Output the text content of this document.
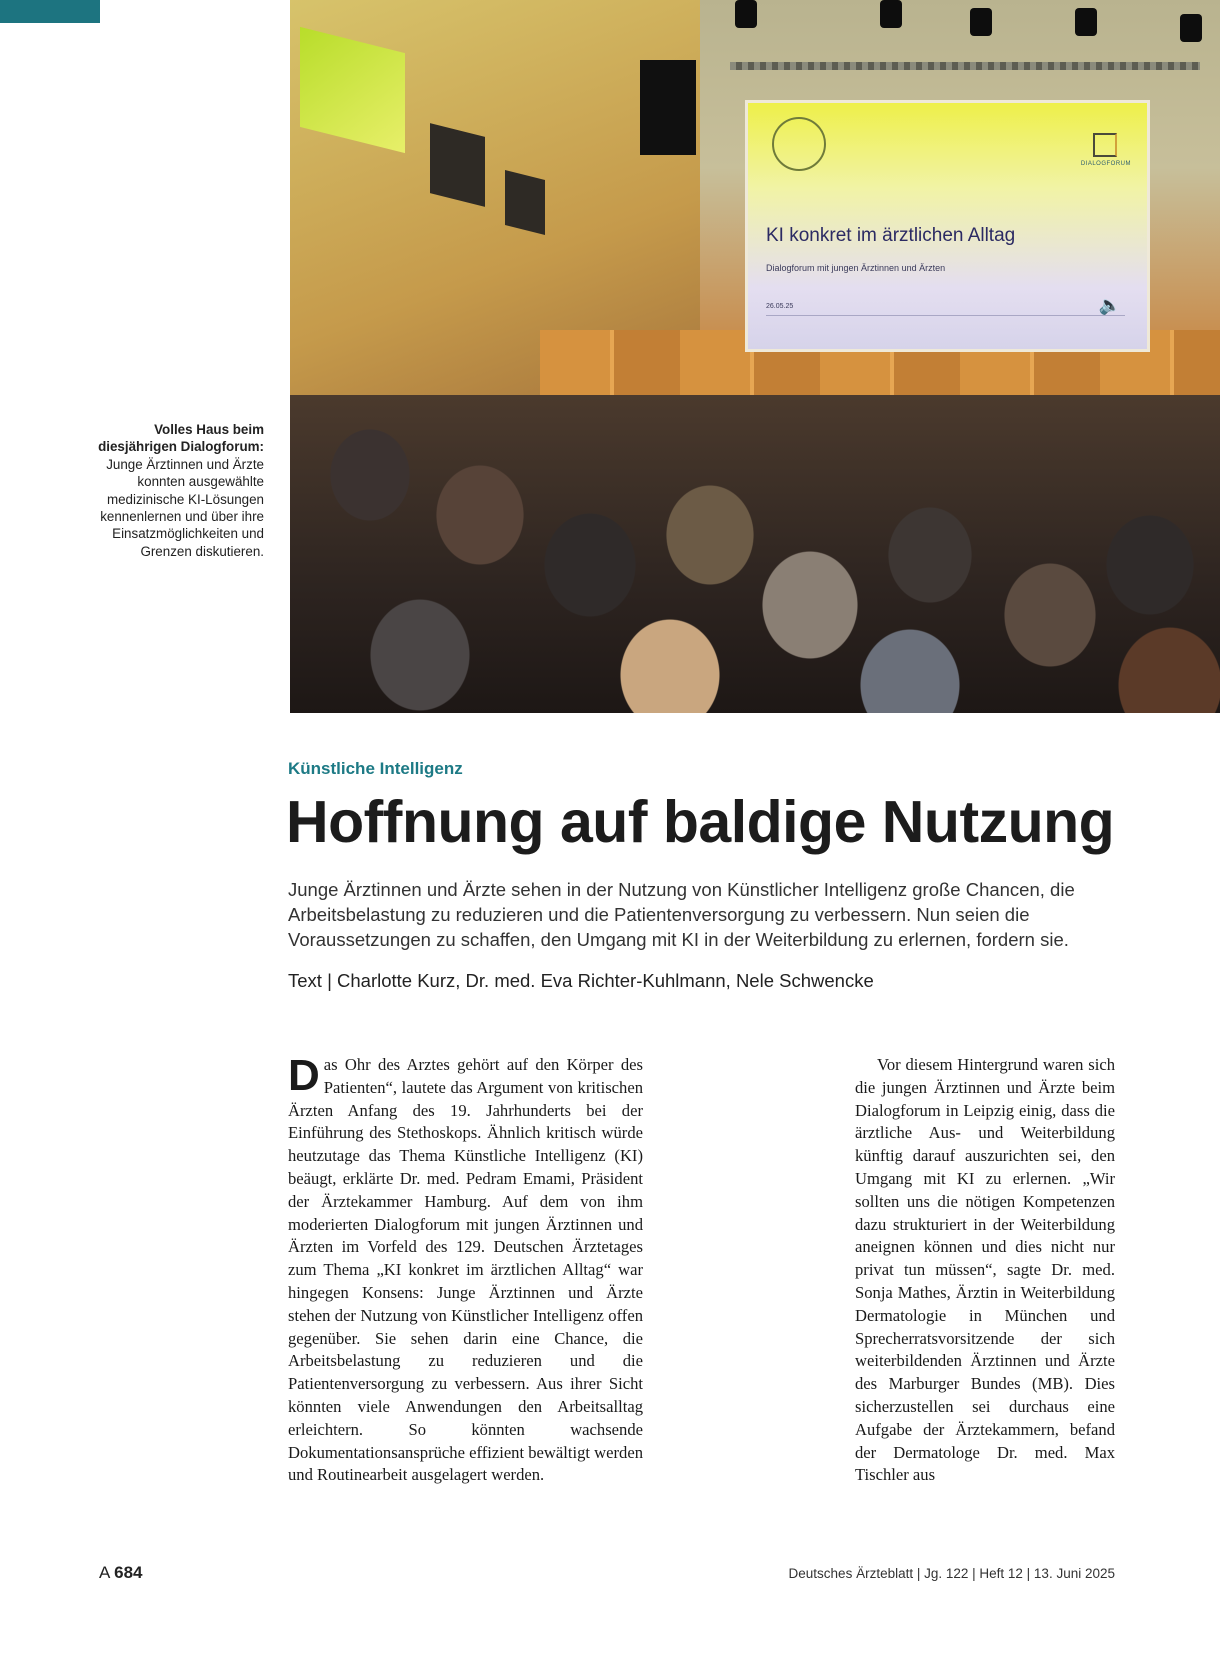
DIALOGFORUM
KI konkret im ärztlichen Alltag
Dialogforum mit jungen Ärztinnen und Ärzten
26.05.25	🔈
Volles Haus beim diesjährigen Dialogforum: Junge Ärztinnen und Ärzte konnten ausgewählte medizinische KI-Lösungen kennenlernen und über ihre Einsatzmöglichkeiten und Grenzen diskutieren.
Künstliche Intelligenz
Hoffnung auf baldige Nutzung

Junge Ärztinnen und Ärzte sehen in der Nutzung von Künstlicher Intelligenz große Chancen, die Arbeitsbelastung zu reduzieren und die Patientenversorgung zu verbessern. Nun seien die Voraussetzungen zu schaffen, den Umgang mit KI in der Weiterbildung zu erlernen, fordern sie.

Text | Charlotte Kurz, Dr. med. Eva Richter-Kuhlmann, Nele Schwencke
Das Ohr des Arztes gehört auf den Körper des Patienten“, lautete das Argument von kritischen Ärzten Anfang des 19. Jahrhunderts bei der Einführung des Stethoskops. Ähnlich kritisch würde heutzutage das Thema Künstliche Intelligenz (KI) beäugt, erklärte Dr. med. Pedram Emami, Präsident der Ärztekammer Hamburg. Auf dem von ihm moderierten Dialogforum mit jungen Ärztinnen und Ärzten im Vorfeld des 129. Deutschen Ärztetages zum Thema „KI konkret im ärztlichen Alltag“ war hingegen Konsens: Junge Ärztinnen und Ärzte stehen der Nutzung von Künstlicher Intelligenz offen gegenüber. Sie sehen darin eine Chance, die Arbeitsbelastung zu reduzieren und die Patientenversorgung zu verbessern. Aus ihrer Sicht könnten viele Anwendungen den Arbeitsalltag erleichtern. So könnten wachsende Dokumentationsansprüche effizient bewältigt werden und Routinearbeit ausgelagert werden.
Vor diesem Hintergrund waren sich die jungen Ärztinnen und Ärzte beim Dialogforum in Leipzig einig, dass die ärztliche Aus- und Weiterbildung künftig darauf auszurichten sei, den Umgang mit KI zu erlernen. „Wir sollten uns die nötigen Kompetenzen dazu strukturiert in der Weiterbildung aneignen können und dies nicht nur privat tun müssen“, sagte Dr. med. Sonja Mathes, Ärztin in Weiterbildung Dermatologie in München und Sprecherratsvorsitzende der sich weiterbildenden Ärztinnen und Ärzte des Marburger Bundes (MB). Dies sicherzustellen sei durchaus eine Aufgabe der Ärztekammern, befand der Dermatologe Dr. med. Max Tischler aus
A 684	Deutsches Ärzteblatt | Jg. 122 | Heft 12 | 13. Juni 2025
